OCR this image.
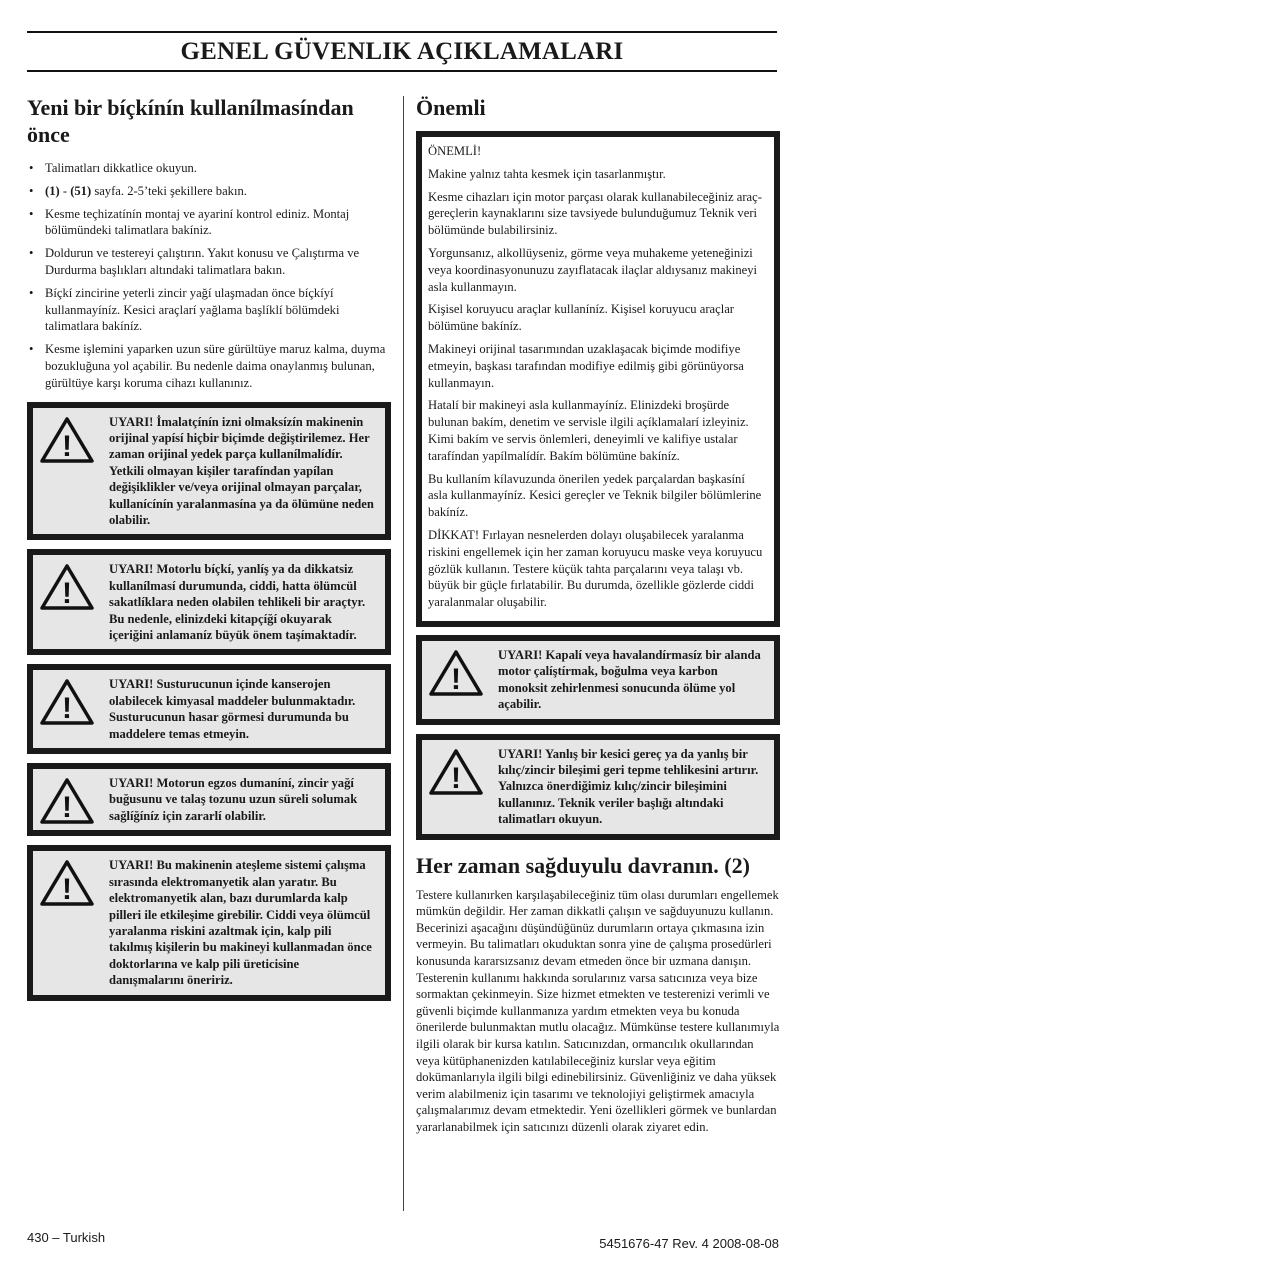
GENEL GÜVENLIK AÇIKLAMALARI
Yeni bir bíçkínín kullanílmasíndan önce
• Talimatları dikkatlice okuyun.
• (1) - (51) sayfa. 2-5’teki şekillere bakın.
• Kesme teçhizatínín montaj ve ayariní kontrol ediniz. Montaj bölümündeki talimatlara bakíniz.
• Doldurun ve testereyi çalıştırın. Yakıt konusu ve Çalıştırma ve Durdurma başlıkları altındaki talimatlara bakın.
• Bíçkí zincirine yeterli zincir yağí ulaşmadan önce bíçkíyí kullanmayíníz. Kesici araçlarí yağlama başlíklí bölümdeki talimatlara bakíníz.
• Kesme işlemini yaparken uzun süre gürültüye maruz kalma, duyma bozukluğuna yol açabilir. Bu nedenle daima onaylanmış bulunan, gürültüye karşı koruma cihazı kullanınız.
!
UYARI! İmalatçínín izni olmaksízín makinenin orijinal yapísí hiçbir biçimde değiştirilemez. Her zaman orijinal yedek parça kullanílmalídír. Yetkili olmayan kişiler tarafíndan yapílan değişiklikler ve/veya orijinal olmayan parçalar, kullanícínín yaralanmasína ya da ölümüne neden olabilir.
!
UYARI! Motorlu bíçkí, yanlíş ya da dikkatsiz kullanílmasí durumunda, ciddi, hatta ölümcül sakatlíklara neden olabilen tehlikeli bir araçtyr. Bu nedenle, elinizdeki kitapçíğí okuyarak içeriğini anlamaníz büyük önem taşímaktadír.
!
UYARI! Susturucunun içinde kanserojen olabilecek kimyasal maddeler bulunmaktadır. Susturucunun hasar görmesi durumunda bu maddelere temas etmeyin.
!
UYARI! Motorun egzos dumaníní, zincir yağí buğusunu ve talaş tozunu uzun süreli solumak sağlíğíníz için zararlí olabilir.
!
UYARI! Bu makinenin ateşleme sistemi çalışma sırasında elektromanyetik alan yaratır. Bu elektromanyetik alan, bazı durumlarda kalp pilleri ile etkileşime girebilir. Ciddi veya ölümcül yaralanma riskini azaltmak için, kalp pili takılmış kişilerin bu makineyi kullanmadan önce doktorlarına ve kalp pili üreticisine danışmalarını öneririz.
Önemli

ÖNEMLİ!

Makine yalnız tahta kesmek için tasarlanmıştır.

Kesme cihazları için motor parçası olarak kullanabileceğiniz araç-gereçlerin kaynaklarını size tavsiyede bulunduğumuz Teknik veri bölümünde bulabilirsiniz.

Yorgunsanız, alkollüyseniz, görme veya muhakeme yeteneğinizi veya koordinasyonunuzu zayıflatacak ilaçlar aldıysanız makineyi asla kullanmayın.

Kişisel koruyucu araçlar kullaníníz. Kişisel koruyucu araçlar bölümüne bakíníz.

Makineyi orijinal tasarımından uzaklaşacak biçimde modifiye etmeyin, başkası tarafından modifiye edilmiş gibi görünüyorsa kullanmayın.

Hatalí bir makineyi asla kullanmayíníz. Elinizdeki broşürde bulunan bakím, denetim ve servisle ilgili açíklamalarí izleyiniz. Kimi bakím ve servis önlemleri, deneyimli ve kalifiye ustalar tarafíndan yapílmalídír. Bakím bölümüne bakíníz.

Bu kullaním kílavuzunda önerilen yedek parçalardan başkasíní asla kullanmayíníz. Kesici gereçler ve Teknik bilgiler bölümlerine bakíníz.

DİKKAT! Fırlayan nesnelerden dolayı oluşabilecek yaralanma riskini engellemek için her zaman koruyucu maske veya koruyucu gözlük kullanın. Testere küçük tahta parçalarını veya talaşı vb. büyük bir güçle fırlatabilir. Bu durumda, özellikle gözlerde ciddi yaralanmalar oluşabilir.

!
UYARI! Kapalí veya havalandírmasíz bir alanda motor çalíştírmak, boğulma veya karbon monoksit zehirlenmesi sonucunda ölüme yol açabilir.
!
UYARI! Yanlış bir kesici gereç ya da yanlış bir kılıç/zincir bileşimi geri tepme tehlikesini artırır. Yalnızca önerdiğimiz kılıç/zincir bileşimini kullanınız. Teknik veriler başlığı altındaki talimatları okuyun.
Her zaman sağduyulu davranın. (2)

Testere kullanırken karşılaşabileceğiniz tüm olası durumları engellemek mümkün değildir. Her zaman dikkatli çalışın ve sağduyunuzu kullanın. Becerinizi aşacağını düşündüğünüz durumların ortaya çıkmasına izin vermeyin. Bu talimatları okuduktan sonra yine de çalışma prosedürleri konusunda kararsızsanız devam etmeden önce bir uzmana danışın. Testerenin kullanımı hakkında sorularınız varsa satıcınıza veya bize sormaktan çekinmeyin. Size hizmet etmekten ve testerenizi verimli ve güvenli biçimde kullanmanıza yardım etmekten veya bu konuda önerilerde bulunmaktan mutlu olacağız. Mümkünse testere kullanımıyla ilgili olarak bir kursa katılın. Satıcınızdan, ormancılık okullarından veya kütüphanenizden katılabileceğiniz kurslar veya eğitim dokümanlarıyla ilgili bilgi edinebilirsiniz. Güvenliğiniz ve daha yüksek verim alabilmeniz için tasarımı ve teknolojiyi geliştirmek amacıyla çalışmalarımız devam etmektedir. Yeni özellikleri görmek ve bunlardan yararlanabilmek için satıcınızı düzenli olarak ziyaret edin.

430 – Turkish	5451676-47 Rev. 4 2008-08-08
